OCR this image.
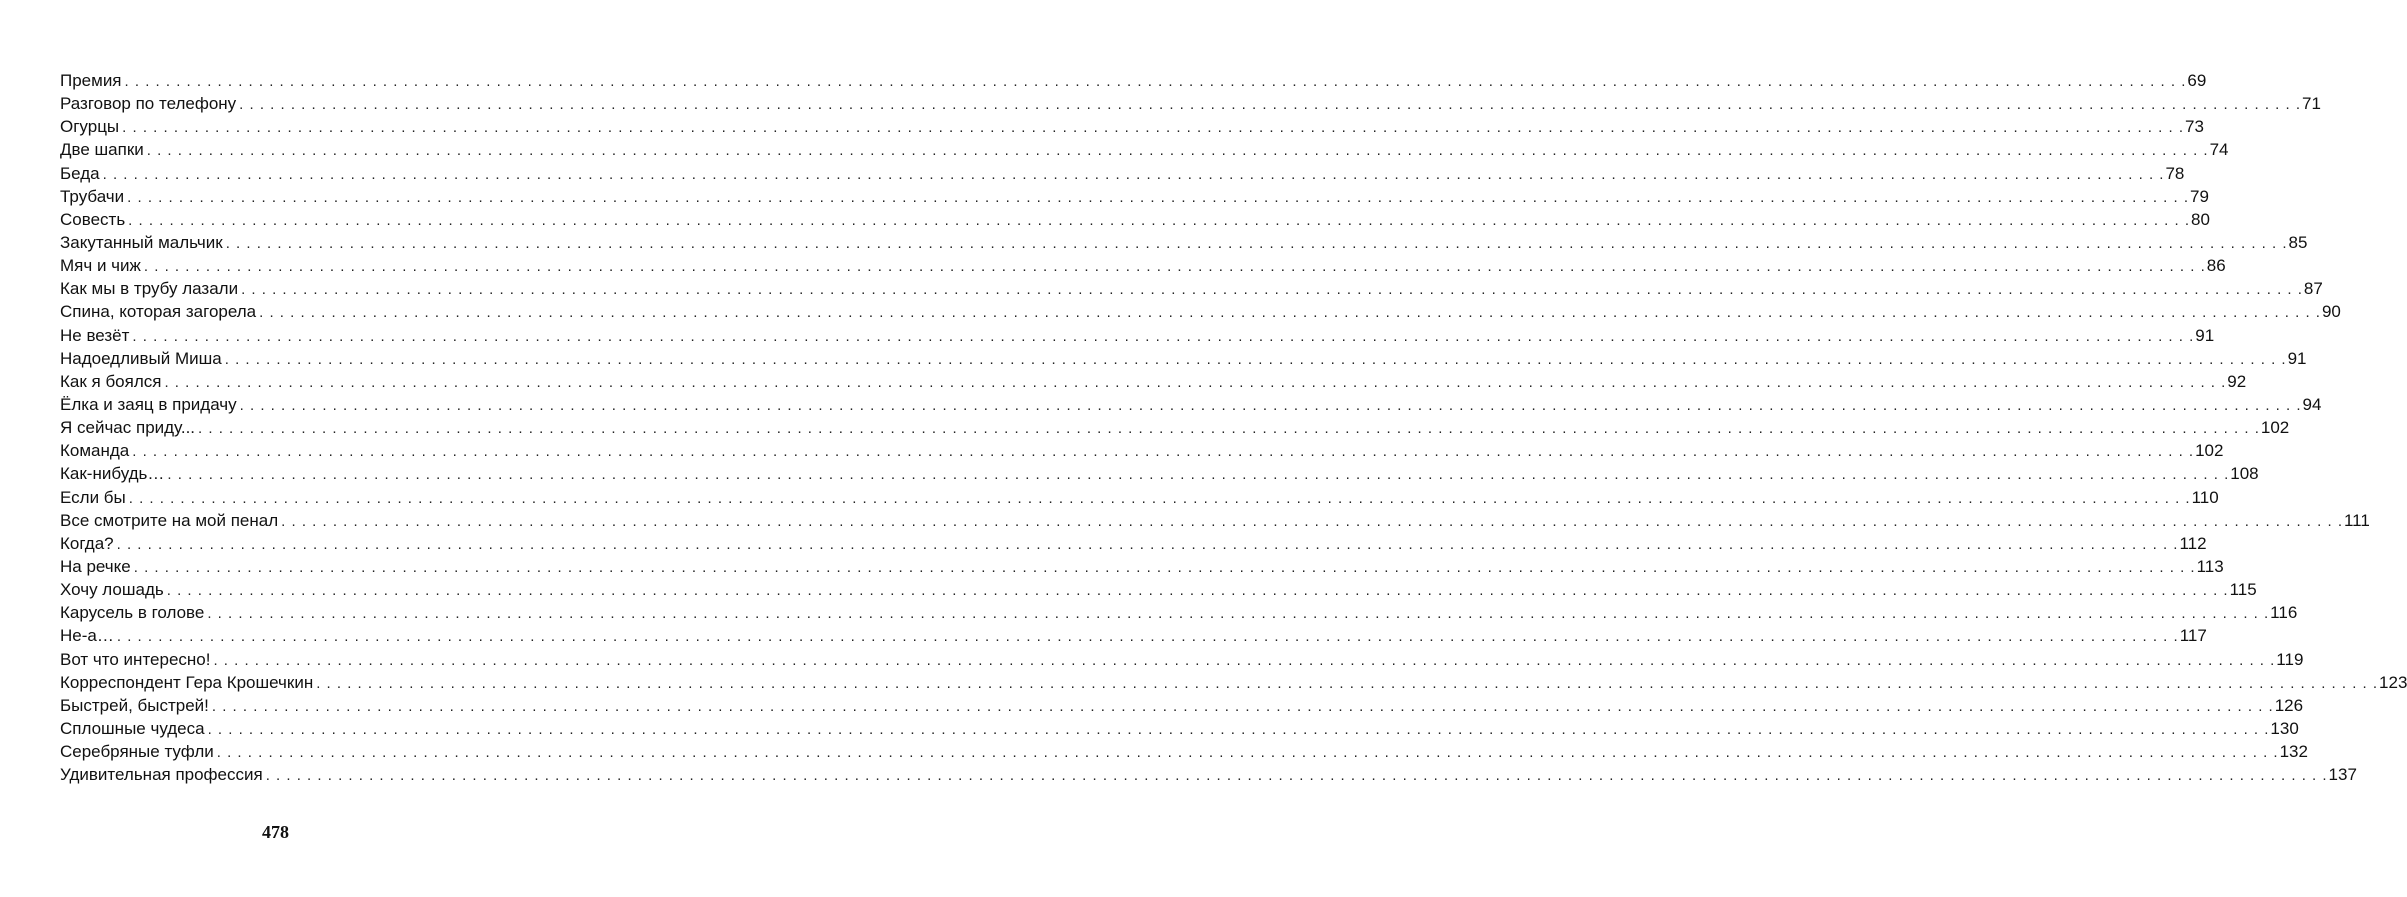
Премия . . . . . . . . . . . . . . . . . . . . . . . . . . . . . . . . . . . . . . . . . . . . . . . . . . . . . . . . . . . . . . . . . . . . . . . . . . . . . . . . . . . . . . . . . . . . . . . . . . . . . . . . . . . . . . . . . . . . . . . . . . . . . . . . . . . . . . . . . . . . . . . . . . . . . . . . . . . . . . . . . . . . . . . . . . . . . . . . . . . . . . . . . . . . . . . . . . . . . . . . 69
Разговор по телефону . . . . . . . . . . . . . . . . . . . . . . . . . . . . . . . . . . . . . . . . . . . . . . . . . . . . . . . . . . . . . . . . . . . . . . . . . . . . . . . . . . . . . . . . . . . . . . . . . . . . . . . . . . . . . . . . . . . . . . . . . . . . . . . . . . . . . . . . . . . . . . . . . . . . . . . . . . . . . . . . . . . . . . . . . . . . . . . . . . . . . . . . . . . . . . . . . . . . . . . . 71
Огурцы . . . . . . . . . . . . . . . . . . . . . . . . . . . . . . . . . . . . . . . . . . . . . . . . . . . . . . . . . . . . . . . . . . . . . . . . . . . . . . . . . . . . . . . . . . . . . . . . . . . . . . . . . . . . . . . . . . . . . . . . . . . . . . . . . . . . . . . . . . . . . . . . . . . . . . . . . . . . . . . . . . . . . . . . . . . . . . . . . . . . . . . . . . . . . . . . . . . . . . . . 73
Две шапки . . . . . . . . . . . . . . . . . . . . . . . . . . . . . . . . . . . . . . . . . . . . . . . . . . . . . . . . . . . . . . . . . . . . . . . . . . . . . . . . . . . . . . . . . . . . . . . . . . . . . . . . . . . . . . . . . . . . . . . . . . . . . . . . . . . . . . . . . . . . . . . . . . . . . . . . . . . . . . . . . . . . . . . . . . . . . . . . . . . . . . . . . . . . . . . . . . . . . . . . 74
Беда . . . . . . . . . . . . . . . . . . . . . . . . . . . . . . . . . . . . . . . . . . . . . . . . . . . . . . . . . . . . . . . . . . . . . . . . . . . . . . . . . . . . . . . . . . . . . . . . . . . . . . . . . . . . . . . . . . . . . . . . . . . . . . . . . . . . . . . . . . . . . . . . . . . . . . . . . . . . . . . . . . . . . . . . . . . . . . . . . . . . . . . . . . . . . . . . . . . . . . . . 78
Трубачи . . . . . . . . . . . . . . . . . . . . . . . . . . . . . . . . . . . . . . . . . . . . . . . . . . . . . . . . . . . . . . . . . . . . . . . . . . . . . . . . . . . . . . . . . . . . . . . . . . . . . . . . . . . . . . . . . . . . . . . . . . . . . . . . . . . . . . . . . . . . . . . . . . . . . . . . . . . . . . . . . . . . . . . . . . . . . . . . . . . . . . . . . . . . . . . . . . . . . . . . 79
Совесть . . . . . . . . . . . . . . . . . . . . . . . . . . . . . . . . . . . . . . . . . . . . . . . . . . . . . . . . . . . . . . . . . . . . . . . . . . . . . . . . . . . . . . . . . . . . . . . . . . . . . . . . . . . . . . . . . . . . . . . . . . . . . . . . . . . . . . . . . . . . . . . . . . . . . . . . . . . . . . . . . . . . . . . . . . . . . . . . . . . . . . . . . . . . . . . . . . . . . . . . 80
Закутанный мальчик . . . . . . . . . . . . . . . . . . . . . . . . . . . . . . . . . . . . . . . . . . . . . . . . . . . . . . . . . . . . . . . . . . . . . . . . . . . . . . . . . . . . . . . . . . . . . . . . . . . . . . . . . . . . . . . . . . . . . . . . . . . . . . . . . . . . . . . . . . . . . . . . . . . . . . . . . . . . . . . . . . . . . . . . . . . . . . . . . . . . . . . . . . . . . . . . . . . . . . . . 85
Мяч и чиж . . . . . . . . . . . . . . . . . . . . . . . . . . . . . . . . . . . . . . . . . . . . . . . . . . . . . . . . . . . . . . . . . . . . . . . . . . . . . . . . . . . . . . . . . . . . . . . . . . . . . . . . . . . . . . . . . . . . . . . . . . . . . . . . . . . . . . . . . . . . . . . . . . . . . . . . . . . . . . . . . . . . . . . . . . . . . . . . . . . . . . . . . . . . . . . . . . . . . . . . 86
Как мы в трубу лазали . . . . . . . . . . . . . . . . . . . . . . . . . . . . . . . . . . . . . . . . . . . . . . . . . . . . . . . . . . . . . . . . . . . . . . . . . . . . . . . . . . . . . . . . . . . . . . . . . . . . . . . . . . . . . . . . . . . . . . . . . . . . . . . . . . . . . . . . . . . . . . . . . . . . . . . . . . . . . . . . . . . . . . . . . . . . . . . . . . . . . . . . . . . . . . . . . . . . . . . . 87
Спина, которая загорела . . . . . . . . . . . . . . . . . . . . . . . . . . . . . . . . . . . . . . . . . . . . . . . . . . . . . . . . . . . . . . . . . . . . . . . . . . . . . . . . . . . . . . . . . . . . . . . . . . . . . . . . . . . . . . . . . . . . . . . . . . . . . . . . . . . . . . . . . . . . . . . . . . . . . . . . . . . . . . . . . . . . . . . . . . . . . . . . . . . . . . . . . . . . . . . . . . . . . . . . 90
Не везёт . . . . . . . . . . . . . . . . . . . . . . . . . . . . . . . . . . . . . . . . . . . . . . . . . . . . . . . . . . . . . . . . . . . . . . . . . . . . . . . . . . . . . . . . . . . . . . . . . . . . . . . . . . . . . . . . . . . . . . . . . . . . . . . . . . . . . . . . . . . . . . . . . . . . . . . . . . . . . . . . . . . . . . . . . . . . . . . . . . . . . . . . . . . . . . . . . . . . . . . . 91
Надоедливый Миша . . . . . . . . . . . . . . . . . . . . . . . . . . . . . . . . . . . . . . . . . . . . . . . . . . . . . . . . . . . . . . . . . . . . . . . . . . . . . . . . . . . . . . . . . . . . . . . . . . . . . . . . . . . . . . . . . . . . . . . . . . . . . . . . . . . . . . . . . . . . . . . . . . . . . . . . . . . . . . . . . . . . . . . . . . . . . . . . . . . . . . . . . . . . . . . . . . . . . . . . 91
Как я боялся . . . . . . . . . . . . . . . . . . . . . . . . . . . . . . . . . . . . . . . . . . . . . . . . . . . . . . . . . . . . . . . . . . . . . . . . . . . . . . . . . . . . . . . . . . . . . . . . . . . . . . . . . . . . . . . . . . . . . . . . . . . . . . . . . . . . . . . . . . . . . . . . . . . . . . . . . . . . . . . . . . . . . . . . . . . . . . . . . . . . . . . . . . . . . . . . . . . . . . . . 92
Ёлка и заяц в придачу . . . . . . . . . . . . . . . . . . . . . . . . . . . . . . . . . . . . . . . . . . . . . . . . . . . . . . . . . . . . . . . . . . . . . . . . . . . . . . . . . . . . . . . . . . . . . . . . . . . . . . . . . . . . . . . . . . . . . . . . . . . . . . . . . . . . . . . . . . . . . . . . . . . . . . . . . . . . . . . . . . . . . . . . . . . . . . . . . . . . . . . . . . . . . . . . . . . . . . . . 94
Я сейчас приду... . . . . . . . . . . . . . . . . . . . . . . . . . . . . . . . . . . . . . . . . . . . . . . . . . . . . . . . . . . . . . . . . . . . . . . . . . . . . . . . . . . . . . . . . . . . . . . . . . . . . . . . . . . . . . . . . . . . . . . . . . . . . . . . . . . . . . . . . . . . . . . . . . . . . . . . . . . . . . . . . . . . . . . . . . . . . . . . . . . . . . . . . . . . . . . . . . . . . . . . . 102
Команда . . . . . . . . . . . . . . . . . . . . . . . . . . . . . . . . . . . . . . . . . . . . . . . . . . . . . . . . . . . . . . . . . . . . . . . . . . . . . . . . . . . . . . . . . . . . . . . . . . . . . . . . . . . . . . . . . . . . . . . . . . . . . . . . . . . . . . . . . . . . . . . . . . . . . . . . . . . . . . . . . . . . . . . . . . . . . . . . . . . . . . . . . . . . . . . . . . . . . . . . 102
Как-нибудь… . . . . . . . . . . . . . . . . . . . . . . . . . . . . . . . . . . . . . . . . . . . . . . . . . . . . . . . . . . . . . . . . . . . . . . . . . . . . . . . . . . . . . . . . . . . . . . . . . . . . . . . . . . . . . . . . . . . . . . . . . . . . . . . . . . . . . . . . . . . . . . . . . . . . . . . . . . . . . . . . . . . . . . . . . . . . . . . . . . . . . . . . . . . . . . . . . . . . . . . . 108
Если бы . . . . . . . . . . . . . . . . . . . . . . . . . . . . . . . . . . . . . . . . . . . . . . . . . . . . . . . . . . . . . . . . . . . . . . . . . . . . . . . . . . . . . . . . . . . . . . . . . . . . . . . . . . . . . . . . . . . . . . . . . . . . . . . . . . . . . . . . . . . . . . . . . . . . . . . . . . . . . . . . . . . . . . . . . . . . . . . . . . . . . . . . . . . . . . . . . . . . . . . . 110
Все смотрите на мой пенал . . . . . . . . . . . . . . . . . . . . . . . . . . . . . . . . . . . . . . . . . . . . . . . . . . . . . . . . . . . . . . . . . . . . . . . . . . . . . . . . . . . . . . . . . . . . . . . . . . . . . . . . . . . . . . . . . . . . . . . . . . . . . . . . . . . . . . . . . . . . . . . . . . . . . . . . . . . . . . . . . . . . . . . . . . . . . . . . . . . . . . . . . . . . . . . . . . . . . . . . 111
Когда? . . . . . . . . . . . . . . . . . . . . . . . . . . . . . . . . . . . . . . . . . . . . . . . . . . . . . . . . . . . . . . . . . . . . . . . . . . . . . . . . . . . . . . . . . . . . . . . . . . . . . . . . . . . . . . . . . . . . . . . . . . . . . . . . . . . . . . . . . . . . . . . . . . . . . . . . . . . . . . . . . . . . . . . . . . . . . . . . . . . . . . . . . . . . . . . . . . . . . . . . 112
На речке . . . . . . . . . . . . . . . . . . . . . . . . . . . . . . . . . . . . . . . . . . . . . . . . . . . . . . . . . . . . . . . . . . . . . . . . . . . . . . . . . . . . . . . . . . . . . . . . . . . . . . . . . . . . . . . . . . . . . . . . . . . . . . . . . . . . . . . . . . . . . . . . . . . . . . . . . . . . . . . . . . . . . . . . . . . . . . . . . . . . . . . . . . . . . . . . . . . . . . . . 113
Хочу лошадь . . . . . . . . . . . . . . . . . . . . . . . . . . . . . . . . . . . . . . . . . . . . . . . . . . . . . . . . . . . . . . . . . . . . . . . . . . . . . . . . . . . . . . . . . . . . . . . . . . . . . . . . . . . . . . . . . . . . . . . . . . . . . . . . . . . . . . . . . . . . . . . . . . . . . . . . . . . . . . . . . . . . . . . . . . . . . . . . . . . . . . . . . . . . . . . . . . . . . . . . 115
Карусель в голове . . . . . . . . . . . . . . . . . . . . . . . . . . . . . . . . . . . . . . . . . . . . . . . . . . . . . . . . . . . . . . . . . . . . . . . . . . . . . . . . . . . . . . . . . . . . . . . . . . . . . . . . . . . . . . . . . . . . . . . . . . . . . . . . . . . . . . . . . . . . . . . . . . . . . . . . . . . . . . . . . . . . . . . . . . . . . . . . . . . . . . . . . . . . . . . . . . . . . . . . 116
Не-а… . . . . . . . . . . . . . . . . . . . . . . . . . . . . . . . . . . . . . . . . . . . . . . . . . . . . . . . . . . . . . . . . . . . . . . . . . . . . . . . . . . . . . . . . . . . . . . . . . . . . . . . . . . . . . . . . . . . . . . . . . . . . . . . . . . . . . . . . . . . . . . . . . . . . . . . . . . . . . . . . . . . . . . . . . . . . . . . . . . . . . . . . . . . . . . . . . . . . . . . . 117
Вот что интересно! . . . . . . . . . . . . . . . . . . . . . . . . . . . . . . . . . . . . . . . . . . . . . . . . . . . . . . . . . . . . . . . . . . . . . . . . . . . . . . . . . . . . . . . . . . . . . . . . . . . . . . . . . . . . . . . . . . . . . . . . . . . . . . . . . . . . . . . . . . . . . . . . . . . . . . . . . . . . . . . . . . . . . . . . . . . . . . . . . . . . . . . . . . . . . . . . . . . . . . . . 119
Корреспондент Гера Крошечкин . . . . . . . . . . . . . . . . . . . . . . . . . . . . . . . . . . . . . . . . . . . . . . . . . . . . . . . . . . . . . . . . . . . . . . . . . . . . . . . . . . . . . . . . . . . . . . . . . . . . . . . . . . . . . . . . . . . . . . . . . . . . . . . . . . . . . . . . . . . . . . . . . . . . . . . . . . . . . . . . . . . . . . . . . . . . . . . . . . . . . . . . . . . . . . . . . . . . . . . . 123
Быстрей, быстрей! . . . . . . . . . . . . . . . . . . . . . . . . . . . . . . . . . . . . . . . . . . . . . . . . . . . . . . . . . . . . . . . . . . . . . . . . . . . . . . . . . . . . . . . . . . . . . . . . . . . . . . . . . . . . . . . . . . . . . . . . . . . . . . . . . . . . . . . . . . . . . . . . . . . . . . . . . . . . . . . . . . . . . . . . . . . . . . . . . . . . . . . . . . . . . . . . . . . . . . . . 126
Сплошные чудеса . . . . . . . . . . . . . . . . . . . . . . . . . . . . . . . . . . . . . . . . . . . . . . . . . . . . . . . . . . . . . . . . . . . . . . . . . . . . . . . . . . . . . . . . . . . . . . . . . . . . . . . . . . . . . . . . . . . . . . . . . . . . . . . . . . . . . . . . . . . . . . . . . . . . . . . . . . . . . . . . . . . . . . . . . . . . . . . . . . . . . . . . . . . . . . . . . . . . . . . . 130
Серебряные туфли . . . . . . . . . . . . . . . . . . . . . . . . . . . . . . . . . . . . . . . . . . . . . . . . . . . . . . . . . . . . . . . . . . . . . . . . . . . . . . . . . . . . . . . . . . . . . . . . . . . . . . . . . . . . . . . . . . . . . . . . . . . . . . . . . . . . . . . . . . . . . . . . . . . . . . . . . . . . . . . . . . . . . . . . . . . . . . . . . . . . . . . . . . . . . . . . . . . . . . . . 132
Удивительная профессия . . . . . . . . . . . . . . . . . . . . . . . . . . . . . . . . . . . . . . . . . . . . . . . . . . . . . . . . . . . . . . . . . . . . . . . . . . . . . . . . . . . . . . . . . . . . . . . . . . . . . . . . . . . . . . . . . . . . . . . . . . . . . . . . . . . . . . . . . . . . . . . . . . . . . . . . . . . . . . . . . . . . . . . . . . . . . . . . . . . . . . . . . . . . . . . . . . . . . . . . 137
478
